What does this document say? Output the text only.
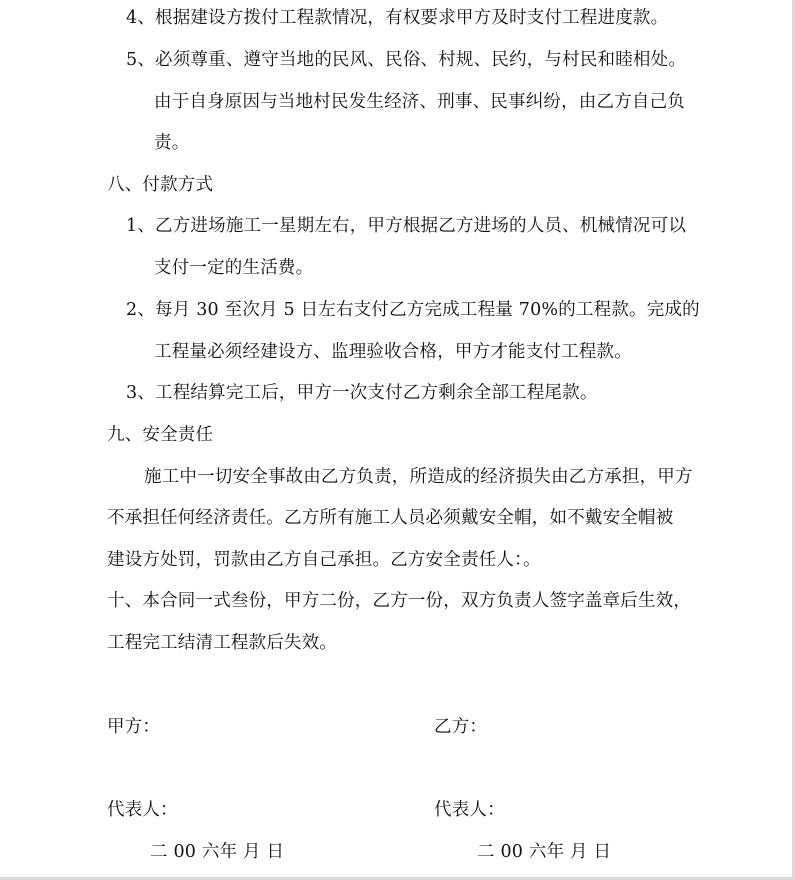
4、根据建设方拨付工程款情况，有权要求甲方及时支付工程进度款。
5、必须尊重、遵守当地的民风、民俗、村规、民约，与村民和睦相处。
由于自身原因与当地村民发生经济、刑事、民事纠纷，由乙方自己负
责。
八、付款方式
1、乙方进场施工一星期左右，甲方根据乙方进场的人员、机械情况可以
支付一定的生活费。
2、每月 30 至次月 5 日左右支付乙方完成工程量 70%的工程款。完成的
工程量必须经建设方、监理验收合格，甲方才能支付工程款。
3、工程结算完工后，甲方一次支付乙方剩余全部工程尾款。
九、安全责任
施工中一切安全事故由乙方负责，所造成的经济损失由乙方承担，甲方
不承担任何经济责任。乙方所有施工人员必须戴安全帽，如不戴安全帽被
建设方处罚，罚款由乙方自己承担。乙方安全责任人：。
十、本合同一式叁份，甲方二份，乙方一份，双方负责人签字盖章后生效，
工程完工结清工程款后失效。
甲方：	乙方：
代表人：	代表人：
二 00 六年 月 日	二 00 六年 月 日
